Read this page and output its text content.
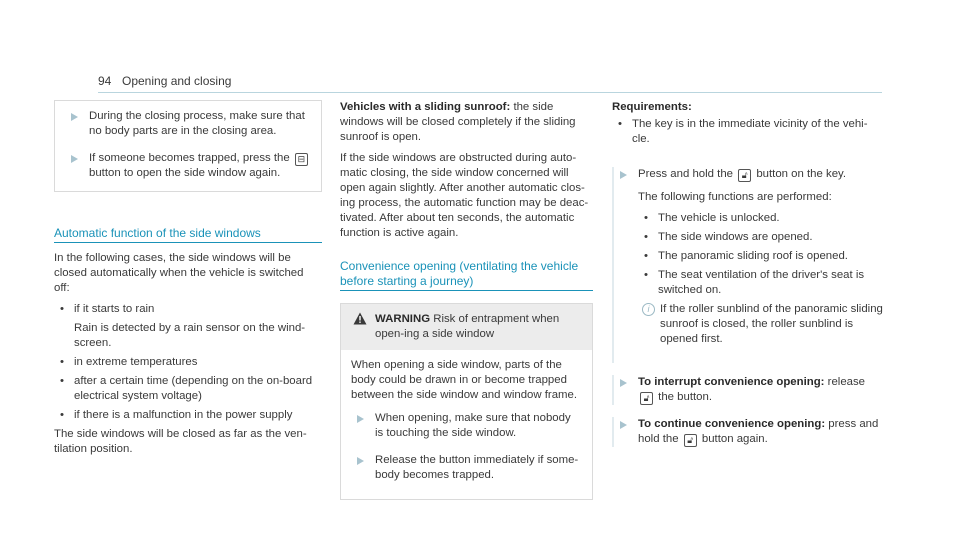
94 Opening and closing
During the closing process, make sure that no body parts are in the closing area.
If someone becomes trapped, press the ⊟ button to open the side window again.
Automatic function of the side windows

In the following cases, the side windows will be closed automatically when the vehicle is switched off:

• if it starts to rain
Rain is detected by a rain sensor on the wind-screen.
• in extreme temperatures
• after a certain time (depending on the on-board electrical system voltage)
• if there is a malfunction in the power supply

The side windows will be closed as far as the ven-tilation position.

Vehicles with a sliding sunroof: the side windows will be closed completely if the sliding sunroof is open.

If the side windows are obstructed during auto-matic closing, the side window concerned will open again slightly. After another automatic clos-ing process, the automatic function may be deac-tivated. After about ten seconds, the automatic function is active again.

Convenience opening (ventilating the vehicle before starting a journey)
WARNING Risk of entrapment when open-ing a side window

When opening a side window, parts of the body could be drawn in or become trapped between the side window and window frame.

When opening, make sure that nobody is touching the side window.
Release the button immediately if some-body becomes trapped.
Requirements:
• The key is in the immediate vicinity of the vehi-cle.
Press and hold the 🔓︎ button on the key.

The following functions are performed:

• The vehicle is unlocked.
• The side windows are opened.
• The panoramic sliding roof is opened.
• The seat ventilation of the driver's seat is switched on.
i If the roller sunblind of the panoramic sliding sunroof is closed, the roller sunblind is opened first.
To interrupt convenience opening: release 🔓︎ the button.
To continue convenience opening: press and hold the 🔓︎ button again.
